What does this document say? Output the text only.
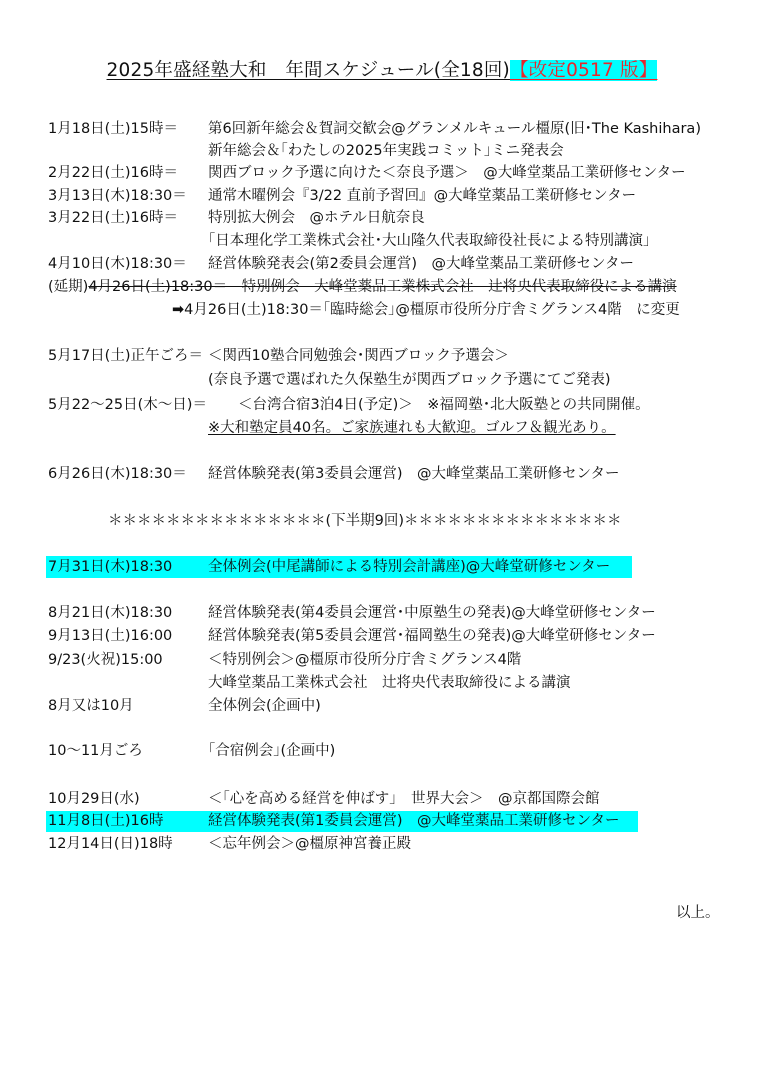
2025年盛経塾大和　年間スケジュール(全18回)【改定0517 版】
1月18日(土)15時＝ 第6回新年総会＆賀詞交歓会@グランメルキュール橿原(旧･The Kashihara)
新年総会＆｢わたしの2025年実践コミット｣ミニ発表会
2月22日(土)16時＝ 関西ブロック予選に向けた＜奈良予選＞　@大峰堂薬品工業研修センター
3月13日(木)18:30＝ 通常木曜例会『3/22 直前予習回』@大峰堂薬品工業研修センター
3月22日(土)16時＝ 特別拡大例会　@ホテル日航奈良
｢日本理化学工業株式会社･大山隆久代表取締役社長による特別講演｣
4月10日(木)18:30＝ 経営体験発表会(第2委員会運営)　@大峰堂薬品工業研修センター
(延期)4月26日(土)18:30＝　特別例会　大峰堂薬品工業株式会社　辻将央代表取締役による講演
➡4月26日(土)18:30＝｢臨時総会｣@橿原市役所分庁舎ミグランス4階　に変更
5月17日(土)正午ごろ＝ ＜関西10塾合同勉強会･関西ブロック予選会＞
(奈良予選で選ばれた久保塾生が関西ブロック予選にてご発表)
5月22～25日(木～日)＝ ＜台湾合宿3泊4日(予定)＞　※福岡塾･北大阪塾との共同開催。
※大和塾定員40名。ご家族連れも大歓迎。ゴルフ＆観光あり。
6月26日(木)18:30＝ 経営体験発表(第3委員会運営)　@大峰堂薬品工業研修センター
＊＊＊＊＊＊＊＊＊＊＊＊＊＊＊(下半期9回)＊＊＊＊＊＊＊＊＊＊＊＊＊＊＊
7月31日(木)18:30 全体例会(中尾講師による特別会計講座)@大峰堂研修センター
8月21日(木)18:30 経営体験発表(第4委員会運営･中原塾生の発表)@大峰堂研修センター
9月13日(土)16:00 経営体験発表(第5委員会運営･福岡塾生の発表)@大峰堂研修センター
9/23(火祝)15:00	＜特別例会＞@橿原市役所分庁舎ミグランス4階
大峰堂薬品工業株式会社　辻将央代表取締役による講演
8月又は10月	全体例会(企画中)
10～11月ごろ	｢合宿例会｣(企画中)
10月29日(水)	＜｢心を高める経営を伸ばす｣　世界大会＞　@京都国際会館
11月8日(土)16時	経営体験発表(第1委員会運営)　@大峰堂薬品工業研修センター
12月14日(日)18時 ＜忘年例会＞@橿原神宮養正殿
以上。
